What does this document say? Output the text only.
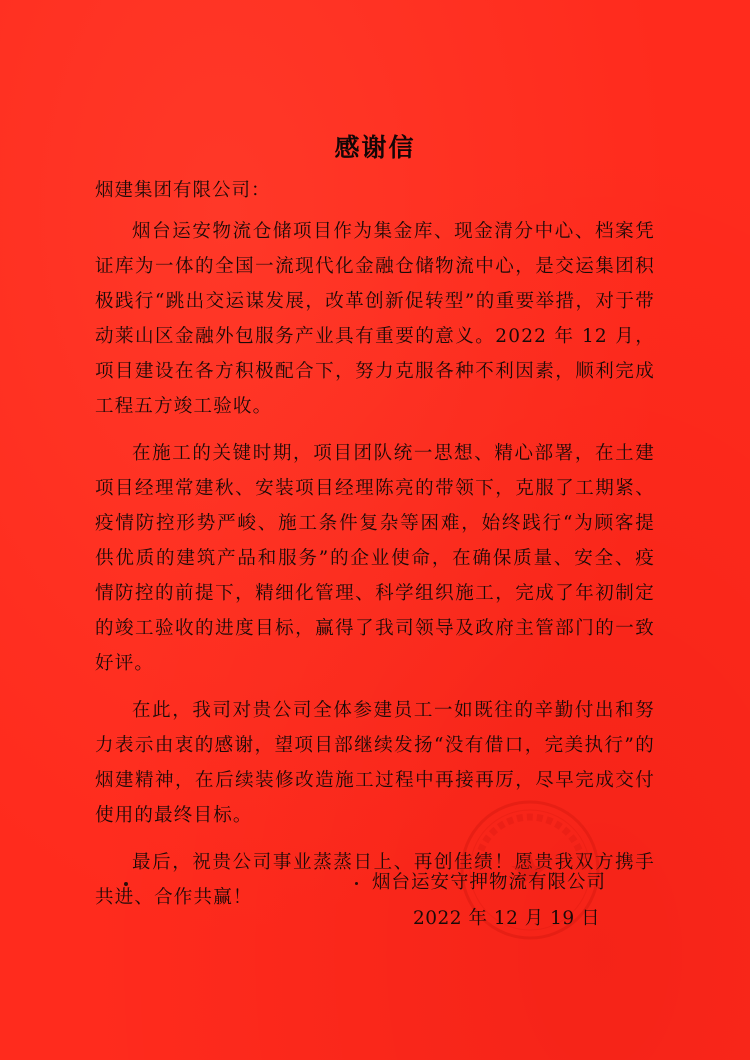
感谢信
烟建集团有限公司：

烟台运安物流仓储项目作为集金库、现金清分中心、档案凭证库为一体的全国一流现代化金融仓储物流中心，是交运集团积极践行“跳出交运谋发展，改革创新促转型”的重要举措，对于带动莱山区金融外包服务产业具有重要的意义。2022 年 12 月，项目建设在各方积极配合下，努力克服各种不利因素，顺利完成工程五方竣工验收。

在施工的关键时期，项目团队统一思想、精心部署，在土建项目经理常建秋、安装项目经理陈亮的带领下，克服了工期紧、疫情防控形势严峻、施工条件复杂等困难，始终践行“为顾客提供优质的建筑产品和服务”的企业使命，在确保质量、安全、疫情防控的前提下，精细化管理、科学组织施工，完成了年初制定的竣工验收的进度目标，赢得了我司领导及政府主管部门的一致好评。

在此，我司对贵公司全体参建员工一如既往的辛勤付出和努力表示由衷的感谢，望项目部继续发扬“没有借口，完美执行”的烟建精神，在后续装修改造施工过程中再接再厉，尽早完成交付使用的最终目标。

最后，祝贵公司事业蒸蒸日上、再创佳绩！愿贵我双方携手共进、合作共赢！

烟台运安守押物流有限公司
2022 年 12 月 19 日
